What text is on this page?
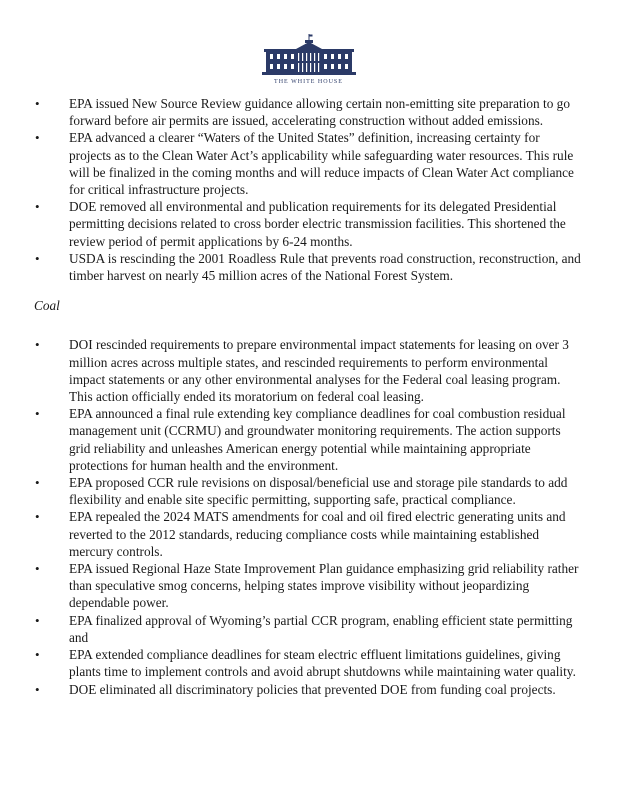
THE WHITE HOUSE
• EPA issued New Source Review guidance allowing certain non-emitting site preparation to go forward before air permits are issued, accelerating construction without added emissions.
• EPA advanced a clearer “Waters of the United States” definition, increasing certainty for projects as to the Clean Water Act’s applicability while safeguarding water resources. This rule will be finalized in the coming months and will reduce impacts of Clean Water Act compliance for critical infrastructure projects.
• DOE removed all environmental and publication requirements for its delegated Presidential permitting decisions related to cross border electric transmission facilities. This shortened the review period of permit applications by 6-24 months.
• USDA is rescinding the 2001 Roadless Rule that prevents road construction, reconstruction, and timber harvest on nearly 45 million acres of the National Forest System.
Coal
• DOI rescinded requirements to prepare environmental impact statements for leasing on over 3 million acres across multiple states, and rescinded requirements to perform environmental impact statements or any other environmental analyses for the Federal coal leasing program. This action officially ended its moratorium on federal coal leasing.
• EPA announced a final rule extending key compliance deadlines for coal combustion residual management unit (CCRMU) and groundwater monitoring requirements. The action supports grid reliability and unleashes American energy potential while maintaining appropriate protections for human health and the environment.
• EPA proposed CCR rule revisions on disposal/beneficial use and storage pile standards to add flexibility and enable site specific permitting, supporting safe, practical compliance.
• EPA repealed the 2024 MATS amendments for coal and oil fired electric generating units and reverted to the 2012 standards, reducing compliance costs while maintaining established mercury controls.
• EPA issued Regional Haze State Improvement Plan guidance emphasizing grid reliability rather than speculative smog concerns, helping states improve visibility without jeopardizing dependable power.
• EPA finalized approval of Wyoming’s partial CCR program, enabling efficient state permitting and
• EPA extended compliance deadlines for steam electric effluent limitations guidelines, giving plants time to implement controls and avoid abrupt shutdowns while maintaining water quality.
• DOE eliminated all discriminatory policies that prevented DOE from funding coal projects.
